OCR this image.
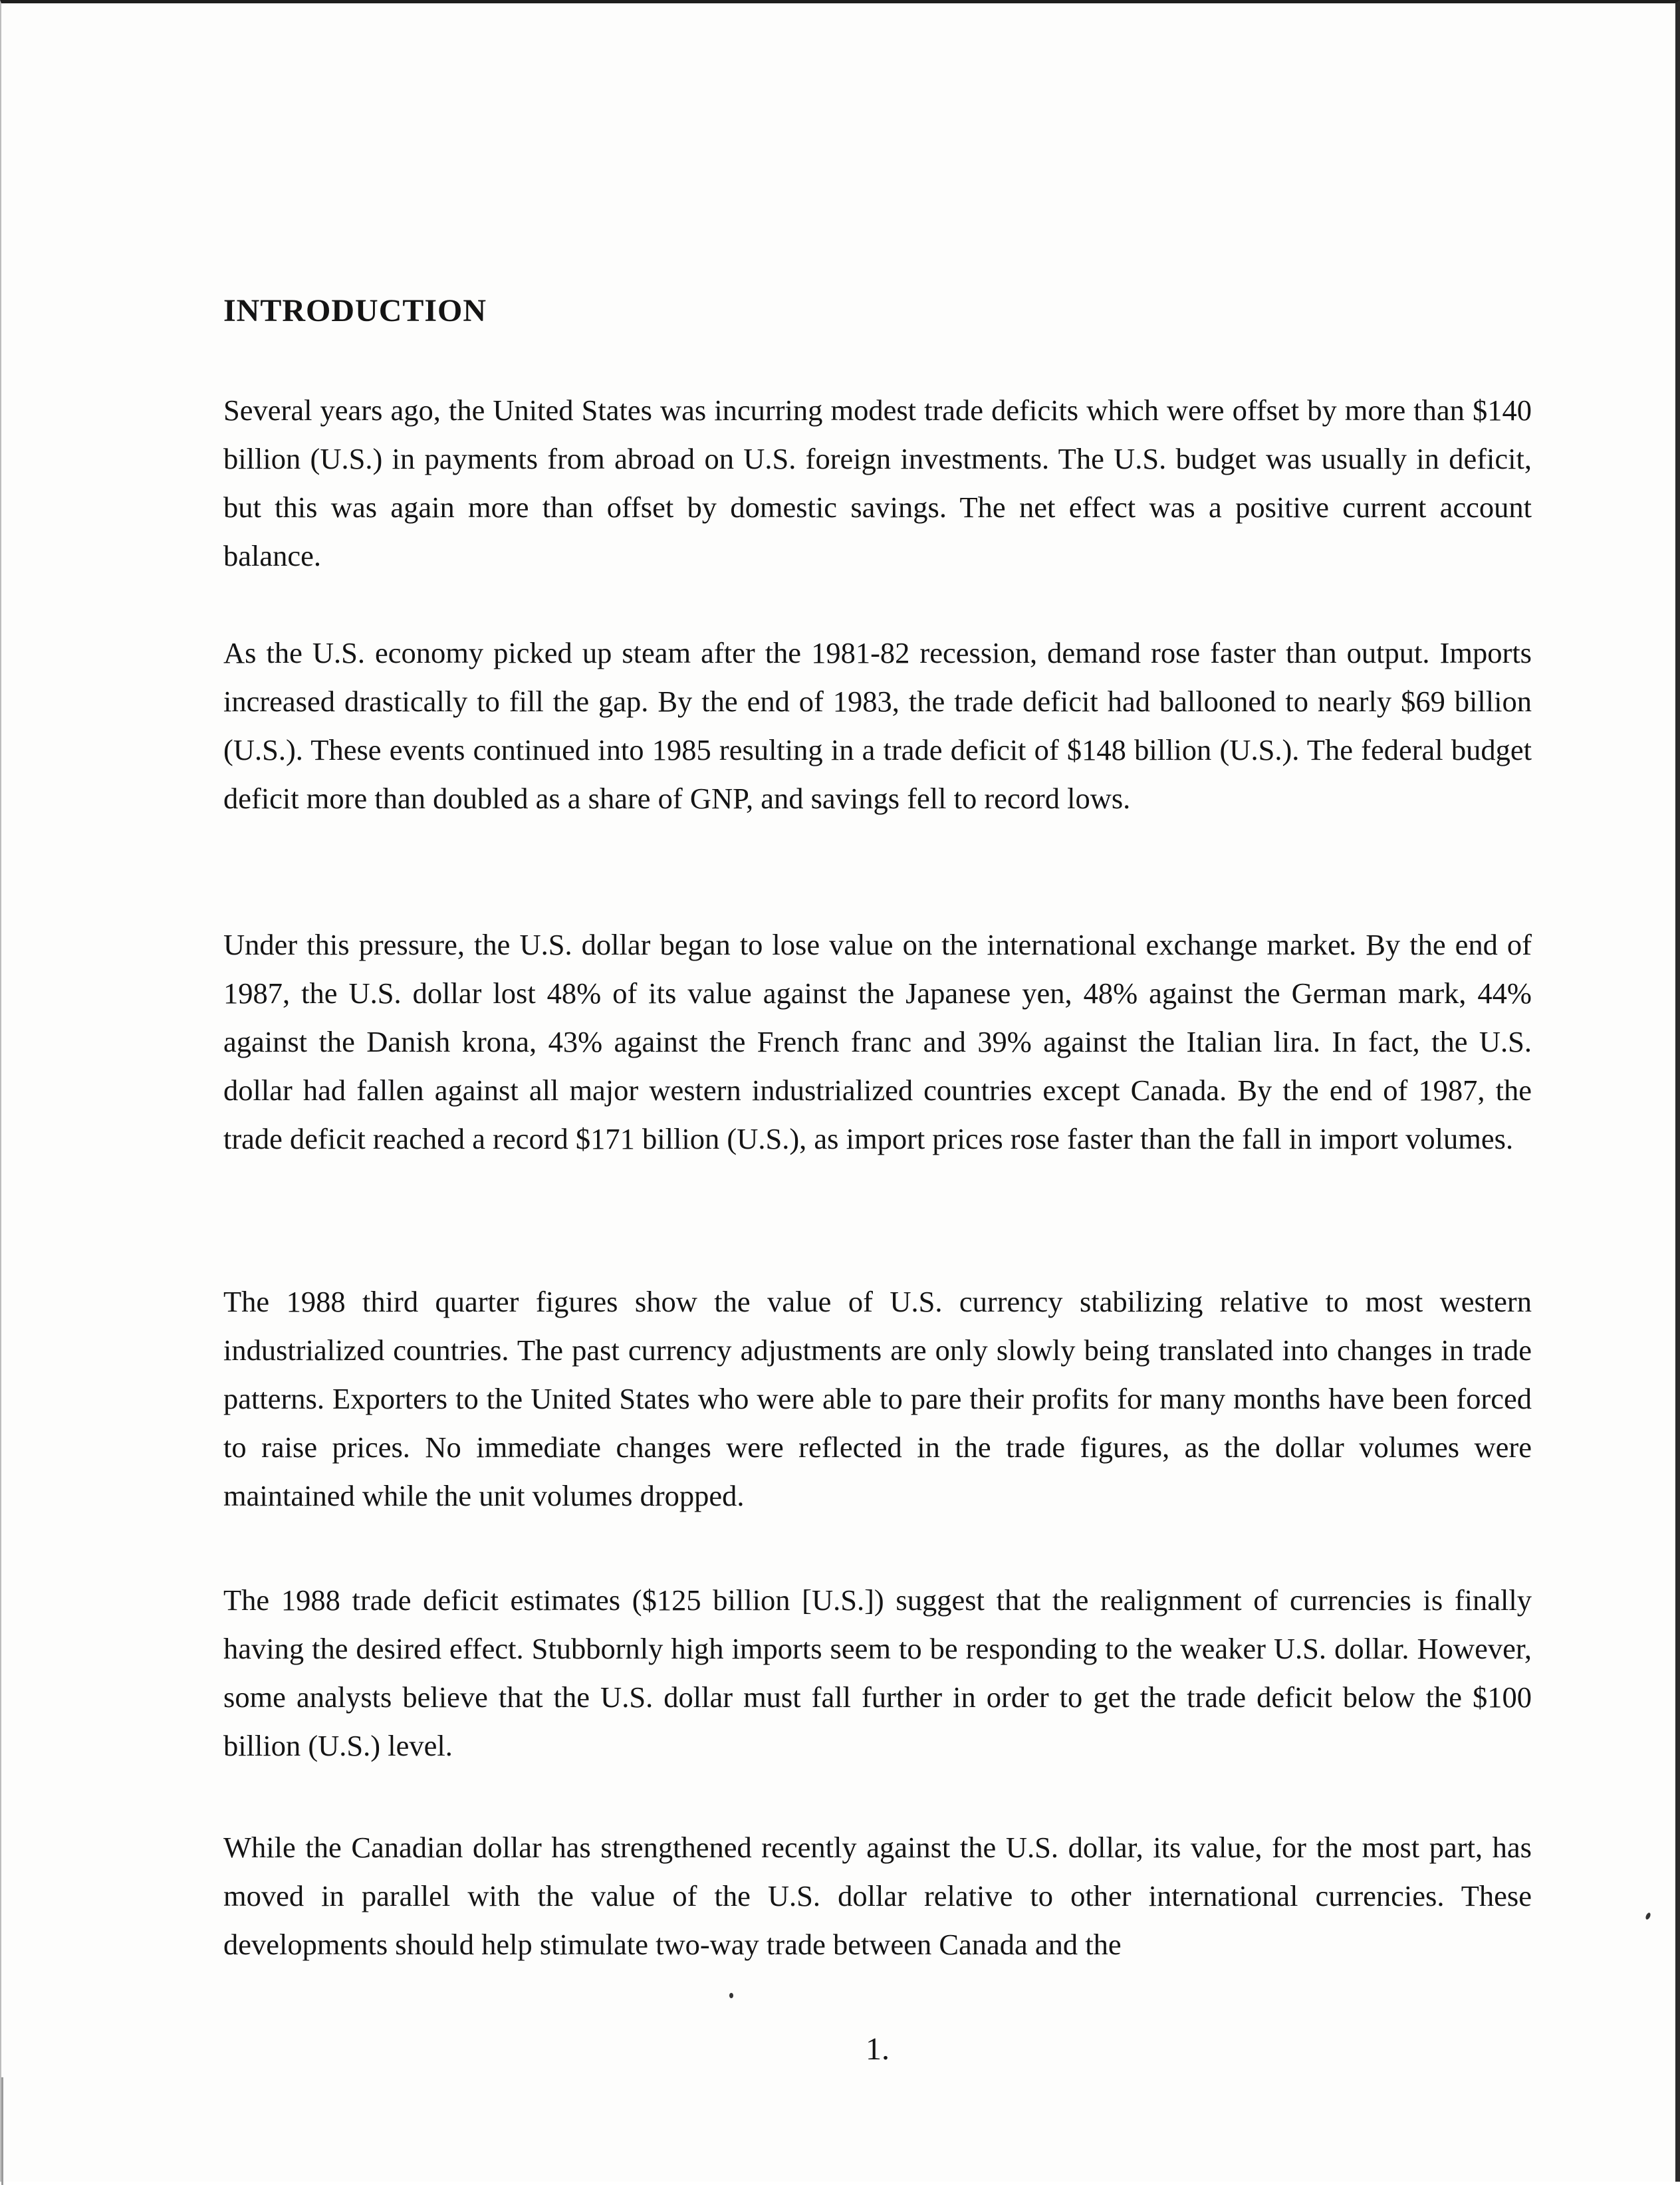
INTRODUCTION

Several years ago, the United States was incurring modest trade deficits which were offset by more than $140 billion (U.S.) in payments from abroad on U.S. foreign investments. The U.S. budget was usually in deficit, but this was again more than offset by domestic savings. The net effect was a positive current account balance.

As the U.S. economy picked up steam after the 1981-82 recession, demand rose faster than output. Imports increased drastically to fill the gap. By the end of 1983, the trade deficit had ballooned to nearly $69 billion (U.S.). These events continued into 1985 resulting in a trade deficit of $148 billion (U.S.). The federal budget deficit more than doubled as a share of GNP, and savings fell to record lows.

Under this pressure, the U.S. dollar began to lose value on the international exchange market. By the end of 1987, the U.S. dollar lost 48% of its value against the Japanese yen, 48% against the German mark, 44% against the Danish krona, 43% against the French franc and 39% against the Italian lira. In fact, the U.S. dollar had fallen against all major western industrialized countries except Canada. By the end of 1987, the trade deficit reached a record $171 billion (U.S.), as import prices rose faster than the fall in import volumes.

The 1988 third quarter figures show the value of U.S. currency stabilizing relative to most western industrialized countries. The past currency adjustments are only slowly being translated into changes in trade patterns. Exporters to the United States who were able to pare their profits for many months have been forced to raise prices. No immediate changes were reflected in the trade figures, as the dollar volumes were maintained while the unit volumes dropped.

The 1988 trade deficit estimates ($125 billion [U.S.]) suggest that the realignment of currencies is finally having the desired effect. Stubbornly high imports seem to be responding to the weaker U.S. dollar. However, some analysts believe that the U.S. dollar must fall further in order to get the trade deficit below the $100 billion (U.S.) level.

While the Canadian dollar has strengthened recently against the U.S. dollar, its value, for the most part, has moved in parallel with the value of the U.S. dollar relative to other international currencies. These developments should help stimulate two-way trade between Canada and the

1.
